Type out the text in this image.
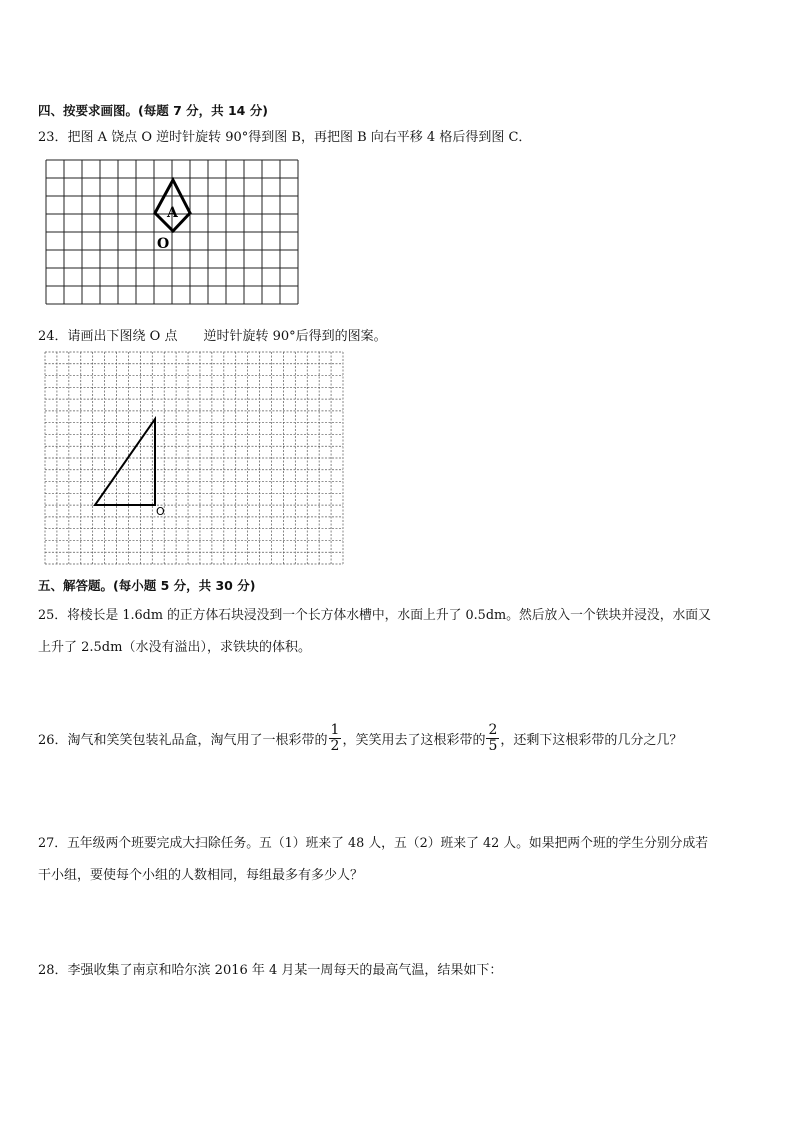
四、按要求画图。(每题 7 分，共 14 分)
23．把图 A 饶点 O 逆时针旋转 90°得到图 B，再把图 B 向右平移 4 格后得到图 C．
A
O
24．请画出下图绕 O 点　　逆时针旋转 90°后得到的图案。
O
五、解答题。(每小题 5 分，共 30 分)
25．将棱长是 1.6dm 的正方体石块浸没到一个长方体水槽中，水面上升了 0.5dm。然后放入一个铁块并浸没，水面又
上升了 2.5dm（水没有溢出），求铁块的体积。
26．淘气和笑笑包装礼品盒，淘气用了一根彩带的 $\frac{1}{2}$ ，笑笑用去了这根彩带的 $\frac{2}{5}$ ，还剩下这根彩带的几分之几？
27．五年级两个班要完成大扫除任务。五（1）班来了 48 人，五（2）班来了 42 人。如果把两个班的学生分别分成若
干小组，要使每个小组的人数相同，每组最多有多少人？
28．李强收集了南京和哈尔滨 2016 年 4 月某一周每天的最高气温，结果如下：
